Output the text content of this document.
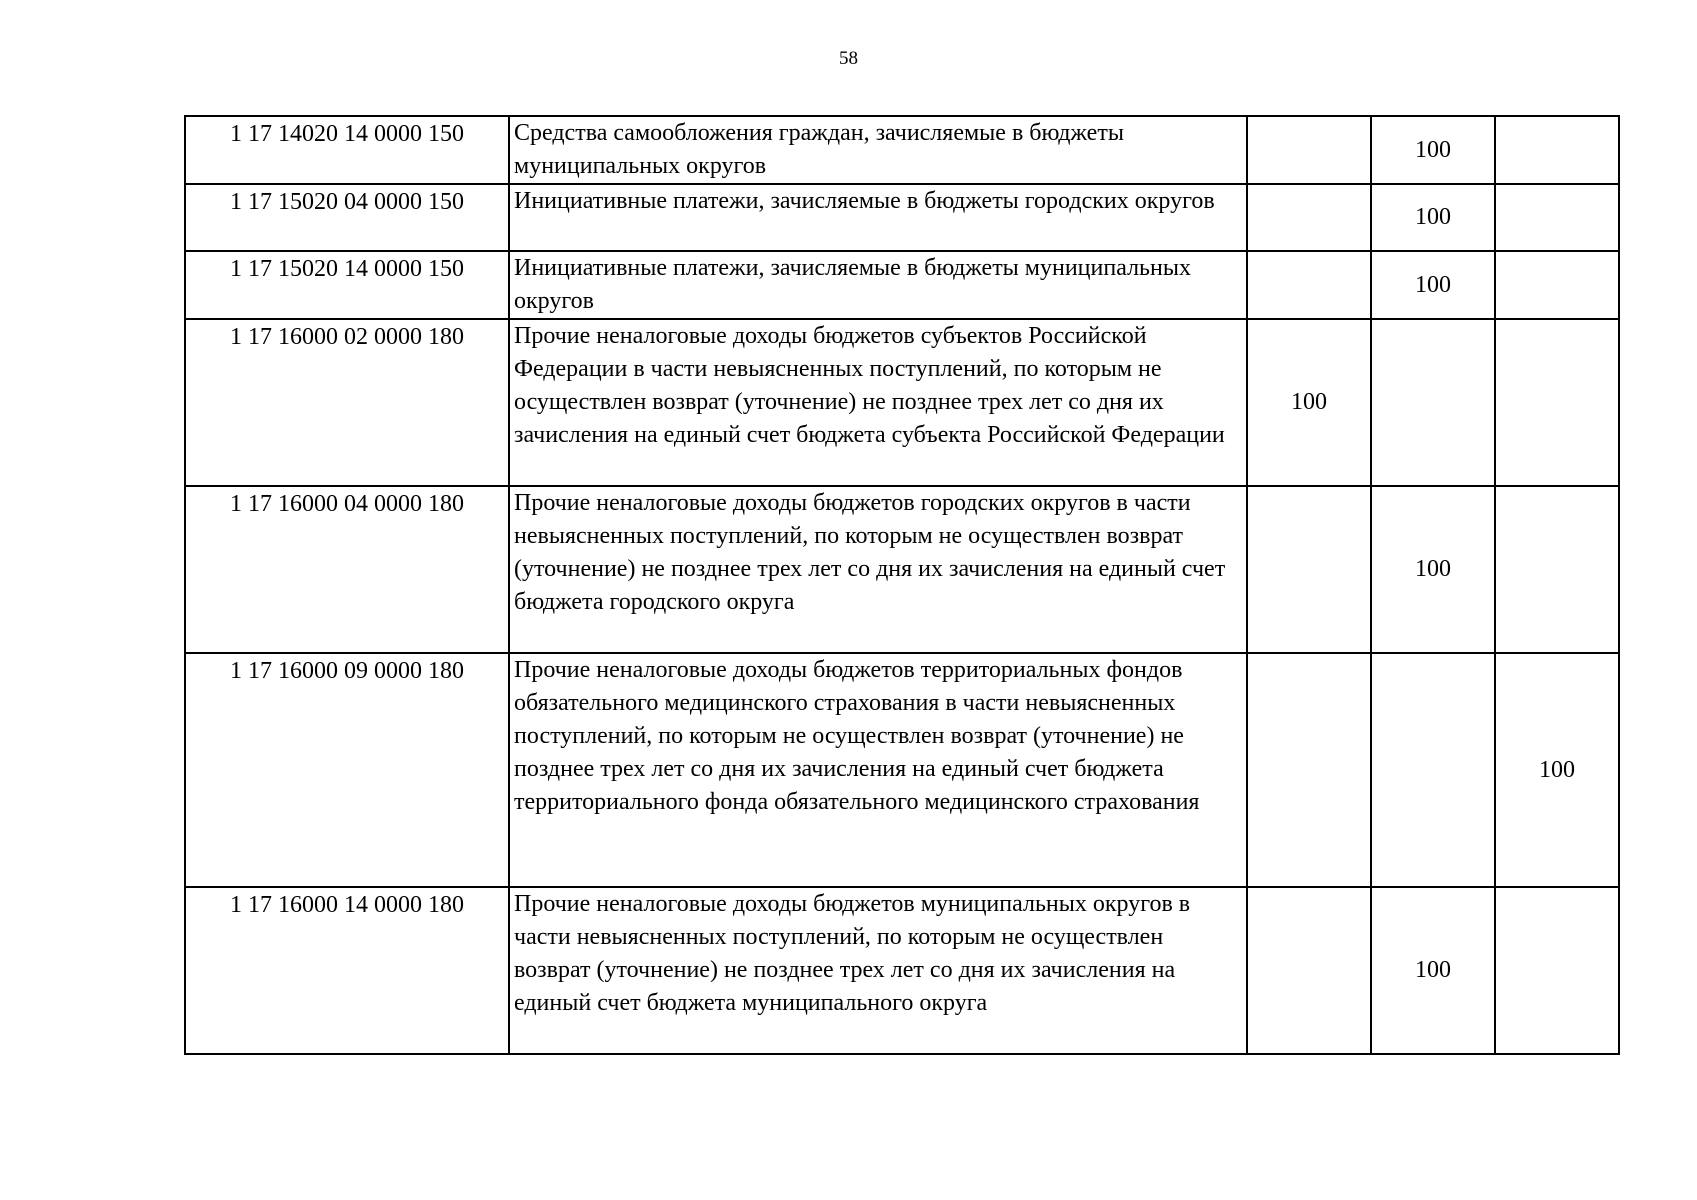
58
1 17 14020 14 0000 150	Средства самообложения граждан, зачисляемые в бюджеты муниципальных округов		100	
1 17 15020 04 0000 150	Инициативные платежи, зачисляемые в бюджеты городских округов		100	
1 17 15020 14 0000 150	Инициативные платежи, зачисляемые в бюджеты муниципальных округов		100	
1 17 16000 02 0000 180	Прочие неналоговые доходы бюджетов субъектов Российской Федерации в части невыясненных поступлений, по которым не осуществлен возврат (уточнение) не позднее трех лет со дня их зачисления на единый счет бюджета субъекта Российской Федерации	100		
1 17 16000 04 0000 180	Прочие неналоговые доходы бюджетов городских округов в части невыясненных поступлений, по которым не осуществлен возврат (уточнение) не позднее трех лет со дня их зачисления на единый счет бюджета городского округа		100	
1 17 16000 09 0000 180	Прочие неналоговые доходы бюджетов территориальных фондов обязательного медицинского страхования в части невыясненных поступлений, по которым не осуществлен возврат (уточнение) не позднее трех лет со дня их зачисления на единый счет бюджета территориального фонда обязательного медицинского страхования			100
1 17 16000 14 0000 180	Прочие неналоговые доходы бюджетов муниципальных округов в части невыясненных поступлений, по которым не осуществлен возврат (уточнение) не позднее трех лет со дня их зачисления на единый счет бюджета муниципального округа		100	
